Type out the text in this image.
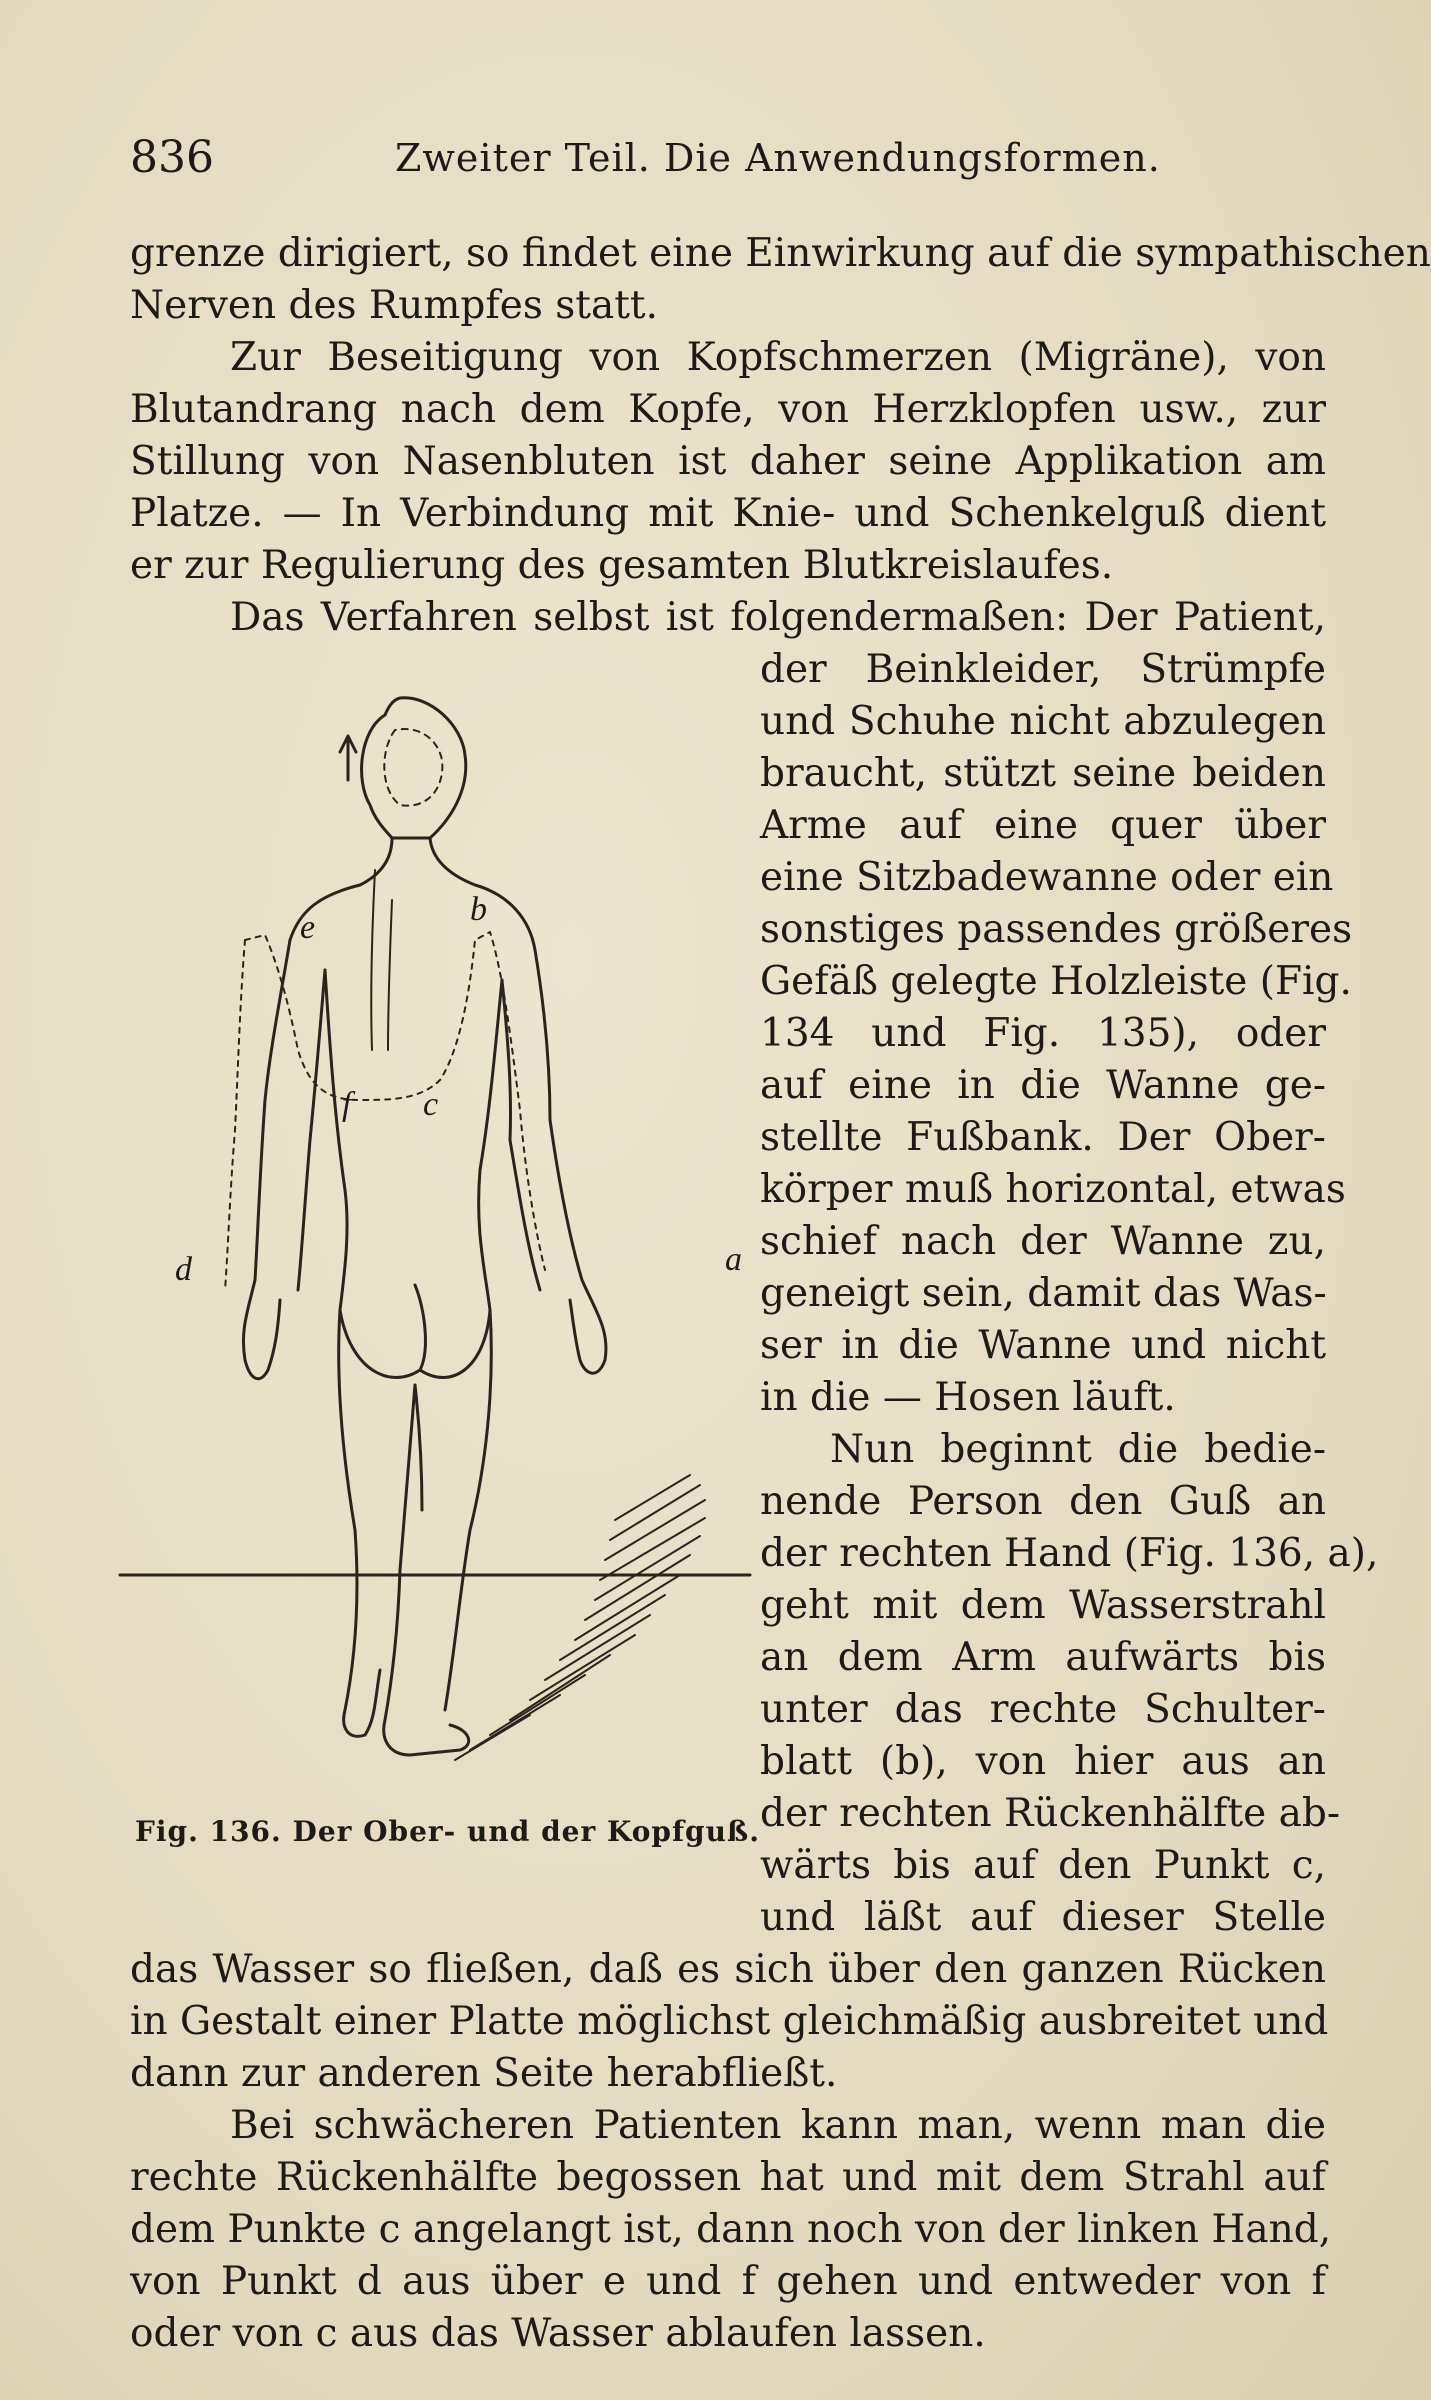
836	Zweiter Teil. Die Anwendungsformen.
grenze dirigiert, so findet eine Einwirkung auf die sympathischen
Nerven des Rumpfes statt.
Zur Beseitigung von Kopfschmerzen (Migräne), von
Blutandrang nach dem Kopfe, von Herzklopfen usw., zur
Stillung von Nasenbluten ist daher seine Applikation am
Platze. — In Verbindung mit Knie- und Schenkelguß dient
er zur Regulierung des gesamten Blutkreislaufes.
Das Verfahren selbst ist folgendermaßen: Der Patient,
der Beinkleider, Strümpfe
und Schuhe nicht abzulegen
braucht, stützt seine beiden
Arme auf eine quer über
eine Sitzbadewanne oder ein
sonstiges passendes größeres
Gefäß gelegte Holzleiste (Fig.
134 und Fig. 135), oder
auf eine in die Wanne ge-
stellte Fußbank. Der Ober-
körper muß horizontal, etwas
schief nach der Wanne zu,
geneigt sein, damit das Was-
ser in die Wanne und nicht
in die — Hosen läuft.
Nun beginnt die bedie-
nende Person den Guß an
der rechten Hand (Fig. 136, a),
geht mit dem Wasserstrahl
an dem Arm aufwärts bis
unter das rechte Schulter-
blatt (b), von hier aus an
der rechten Rückenhälfte ab-
wärts bis auf den Punkt c,
und läßt auf dieser Stelle
das Wasser so fließen, daß es sich über den ganzen Rücken
in Gestalt einer Platte möglichst gleichmäßig ausbreitet und
dann zur anderen Seite herabfließt.
Bei schwächeren Patienten kann man, wenn man die
rechte Rückenhälfte begossen hat und mit dem Strahl auf
dem Punkte c angelangt ist, dann noch von der linken Hand,
von Punkt d aus über e und f gehen und entweder von f
oder von c aus das Wasser ablaufen lassen.
a
b
c
d
e
f
Fig. 136. Der Ober- und der Kopfguß.
